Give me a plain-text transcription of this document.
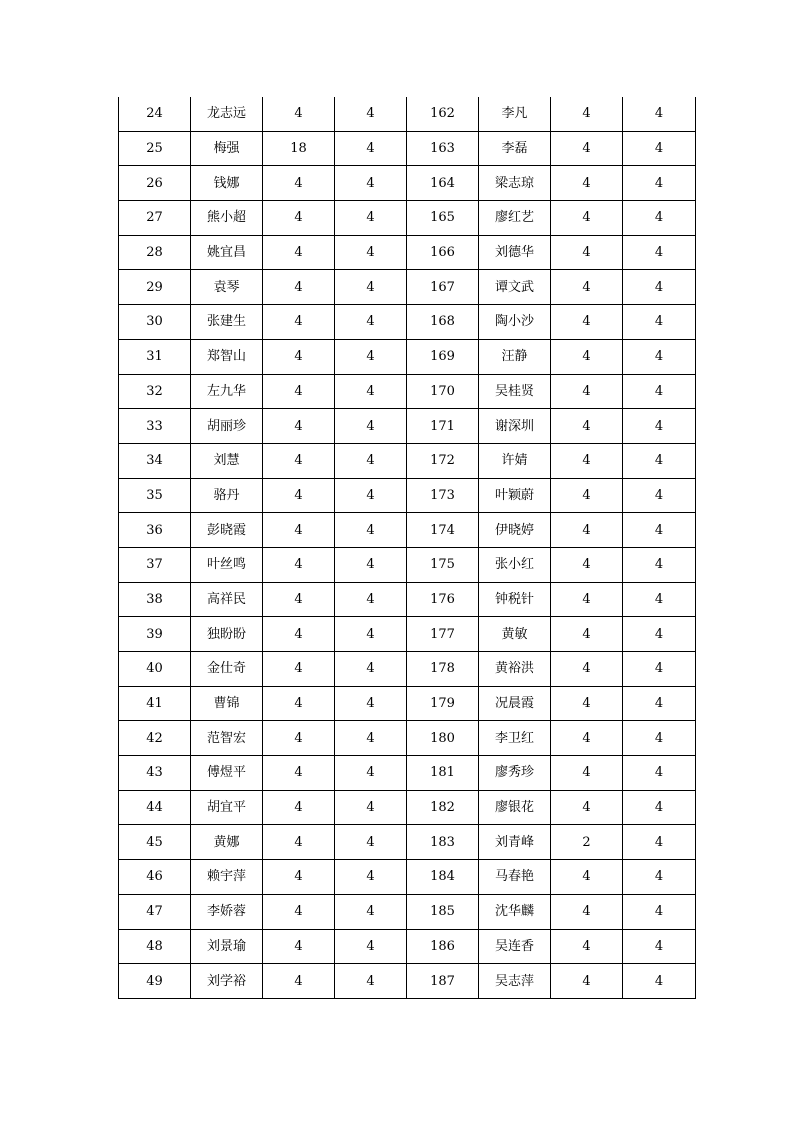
24	龙志远	4	4	162	李凡	4	4
25	梅强	18	4	163	李磊	4	4
26	钱娜	4	4	164	梁志琼	4	4
27	熊小超	4	4	165	廖红艺	4	4
28	姚宜昌	4	4	166	刘德华	4	4
29	袁琴	4	4	167	谭文武	4	4
30	张建生	4	4	168	陶小沙	4	4
31	郑智山	4	4	169	汪静	4	4
32	左九华	4	4	170	吴桂贤	4	4
33	胡丽珍	4	4	171	谢深圳	4	4
34	刘慧	4	4	172	许婧	4	4
35	骆丹	4	4	173	叶颖蔚	4	4
36	彭晓霞	4	4	174	伊晓婷	4	4
37	叶丝鸣	4	4	175	张小红	4	4
38	高祥民	4	4	176	钟税针	4	4
39	独盼盼	4	4	177	黄敏	4	4
40	金仕奇	4	4	178	黄裕洪	4	4
41	曹锦	4	4	179	况晨霞	4	4
42	范智宏	4	4	180	李卫红	4	4
43	傅煜平	4	4	181	廖秀珍	4	4
44	胡宜平	4	4	182	廖银花	4	4
45	黄娜	4	4	183	刘青峰	2	4
46	赖宇萍	4	4	184	马春艳	4	4
47	李娇蓉	4	4	185	沈华麟	4	4
48	刘景瑜	4	4	186	吴连香	4	4
49	刘学裕	4	4	187	吴志萍	4	4
